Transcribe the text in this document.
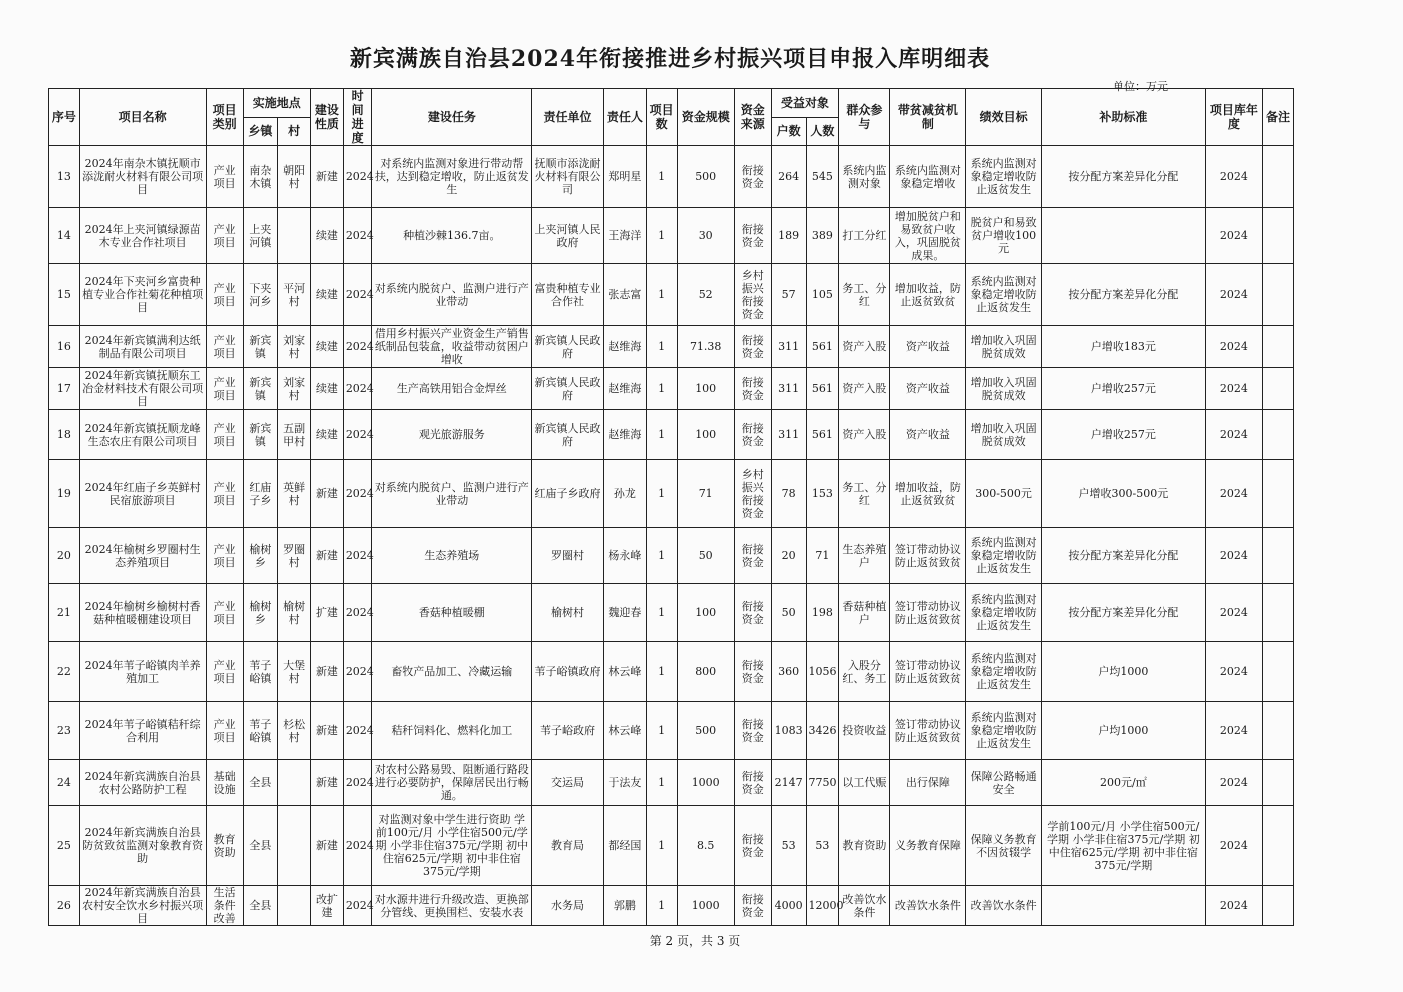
新宾满族自治县2024年衔接推进乡村振兴项目申报入库明细表
单位：万元
序号	项目名称	项目类别	实施地点		建设性质	时间进度	建设任务	责任单位	责任人	项目数	资金规模	资金来源	受益对象		群众参与	带贫减贫机制	绩效目标	补助标准	项目库年度	备注
			乡镇	村									户数	人数						
13	2024年南杂木镇抚顺市添泷耐火材料有限公司项目	产业项目	南杂木镇	朝阳村	新建	2024	对系统内监测对象进行带动帮扶，达到稳定增收，防止返贫发生	抚顺市添泷耐火材料有限公司	郑明星	1	500	衔接资金	264	545	系统内监测对象	系统内监测对象稳定增收	系统内监测对象稳定增收防止返贫发生	按分配方案差异化分配	2024	
14	2024年上夹河镇绿源苗木专业合作社项目	产业项目	上夹河镇		续建	2024	种植沙棘136.7亩。	上夹河镇人民政府	王海洋	1	30	衔接资金	189	389	打工分红	增加脱贫户和易致贫户收入，巩固脱贫成果。	脱贫户和易致贫户增收100元		2024	
15	2024年下夹河乡富贵种植专业合作社菊花种植项目	产业项目	下夹河乡	平河村	续建	2024	对系统内脱贫户、监测户进行产业带动	富贵种植专业合作社	张志富	1	52	乡村振兴衔接资金	57	105	务工、分红	增加收益，防止返贫致贫	系统内监测对象稳定增收防止返贫发生	按分配方案差异化分配	2024	
16	2024年新宾镇满利达纸制品有限公司项目	产业项目	新宾镇	刘家村	续建	2024	借用乡村振兴产业资金生产销售纸制品包装盒，收益带动贫困户增收	新宾镇人民政府	赵维海	1	71.38	衔接资金	311	561	资产入股	资产收益	增加收入巩固脱贫成效	户增收183元	2024	
17	2024年新宾镇抚顺东工冶金材料技术有限公司项目	产业项目	新宾镇	刘家村	续建	2024	生产高铁用铝合金焊丝	新宾镇人民政府	赵维海	1	100	衔接资金	311	561	资产入股	资产收益	增加收入巩固脱贫成效	户增收257元	2024	
18	2024年新宾镇抚顺龙峰生态农庄有限公司项目	产业项目	新宾镇	五副甲村	续建	2024	观光旅游服务	新宾镇人民政府	赵维海	1	100	衔接资金	311	561	资产入股	资产收益	增加收入巩固脱贫成效	户增收257元	2024	
19	2024年红庙子乡英鲜村民宿旅游项目	产业项目	红庙子乡	英鲜村	新建	2024	对系统内脱贫户、监测户进行产业带动	红庙子乡政府	孙龙	1	71	乡村振兴衔接资金	78	153	务工、分红	增加收益，防止返贫致贫	300-500元	户增收300-500元	2024	
20	2024年榆树乡罗圈村生态养殖项目	产业项目	榆树乡	罗圈村	新建	2024	生态养殖场	罗圈村	杨永峰	1	50	衔接资金	20	71	生态养殖户	签订带动协议防止返贫致贫	系统内监测对象稳定增收防止返贫发生	按分配方案差异化分配	2024	
21	2024年榆树乡榆树村香菇种植暖棚建设项目	产业项目	榆树乡	榆树村	扩建	2024	香菇种植暖棚	榆树村	魏迎春	1	100	衔接资金	50	198	香菇种植户	签订带动协议防止返贫致贫	系统内监测对象稳定增收防止返贫发生	按分配方案差异化分配	2024	
22	2024年苇子峪镇肉羊养殖加工	产业项目	苇子峪镇	大堡村	新建	2024	畜牧产品加工、冷藏运输	苇子峪镇政府	林云峰	1	800	衔接资金	360	1056	入股分红、务工	签订带动协议防止返贫致贫	系统内监测对象稳定增收防止返贫发生	户均1000	2024	
23	2024年苇子峪镇秸秆综合利用	产业项目	苇子峪镇	杉松村	新建	2024	秸秆饲料化、燃料化加工	苇子峪政府	林云峰	1	500	衔接资金	1083	3426	投资收益	签订带动协议防止返贫致贫	系统内监测对象稳定增收防止返贫发生	户均1000	2024	
24	2024年新宾满族自治县农村公路防护工程	基础设施	全县		新建	2024	对农村公路易毁、阻断通行路段进行必要防护，保障居民出行畅通。	交运局	于法友	1	1000	衔接资金	2147	7750	以工代赈	出行保障	保障公路畅通安全	200元/㎡	2024	
25	2024年新宾满族自治县防贫致贫监测对象教育资助	教育资助	全县		新建	2024	对监测对象中学生进行资助 学前100元/月 小学住宿500元/学期 小学非住宿375元/学期 初中住宿625元/学期 初中非住宿375元/学期	教育局	都经国	1	8.5	衔接资金	53	53	教育资助	义务教育保障	保障义务教育不因贫辍学	学前100元/月 小学住宿500元/学期 小学非住宿375元/学期 初中住宿625元/学期 初中非住宿375元/学期	2024	
26	2024年新宾满族自治县农村安全饮水乡村振兴项目	生活条件改善	全县		改扩建	2024	对水源井进行升级改造、更换部分管线、更换围栏、安装水表	水务局	郭鹏	1	1000	衔接资金	4000	12000	改善饮水条件	改善饮水条件	改善饮水条件		2024	
第 2 页，共 3 页
